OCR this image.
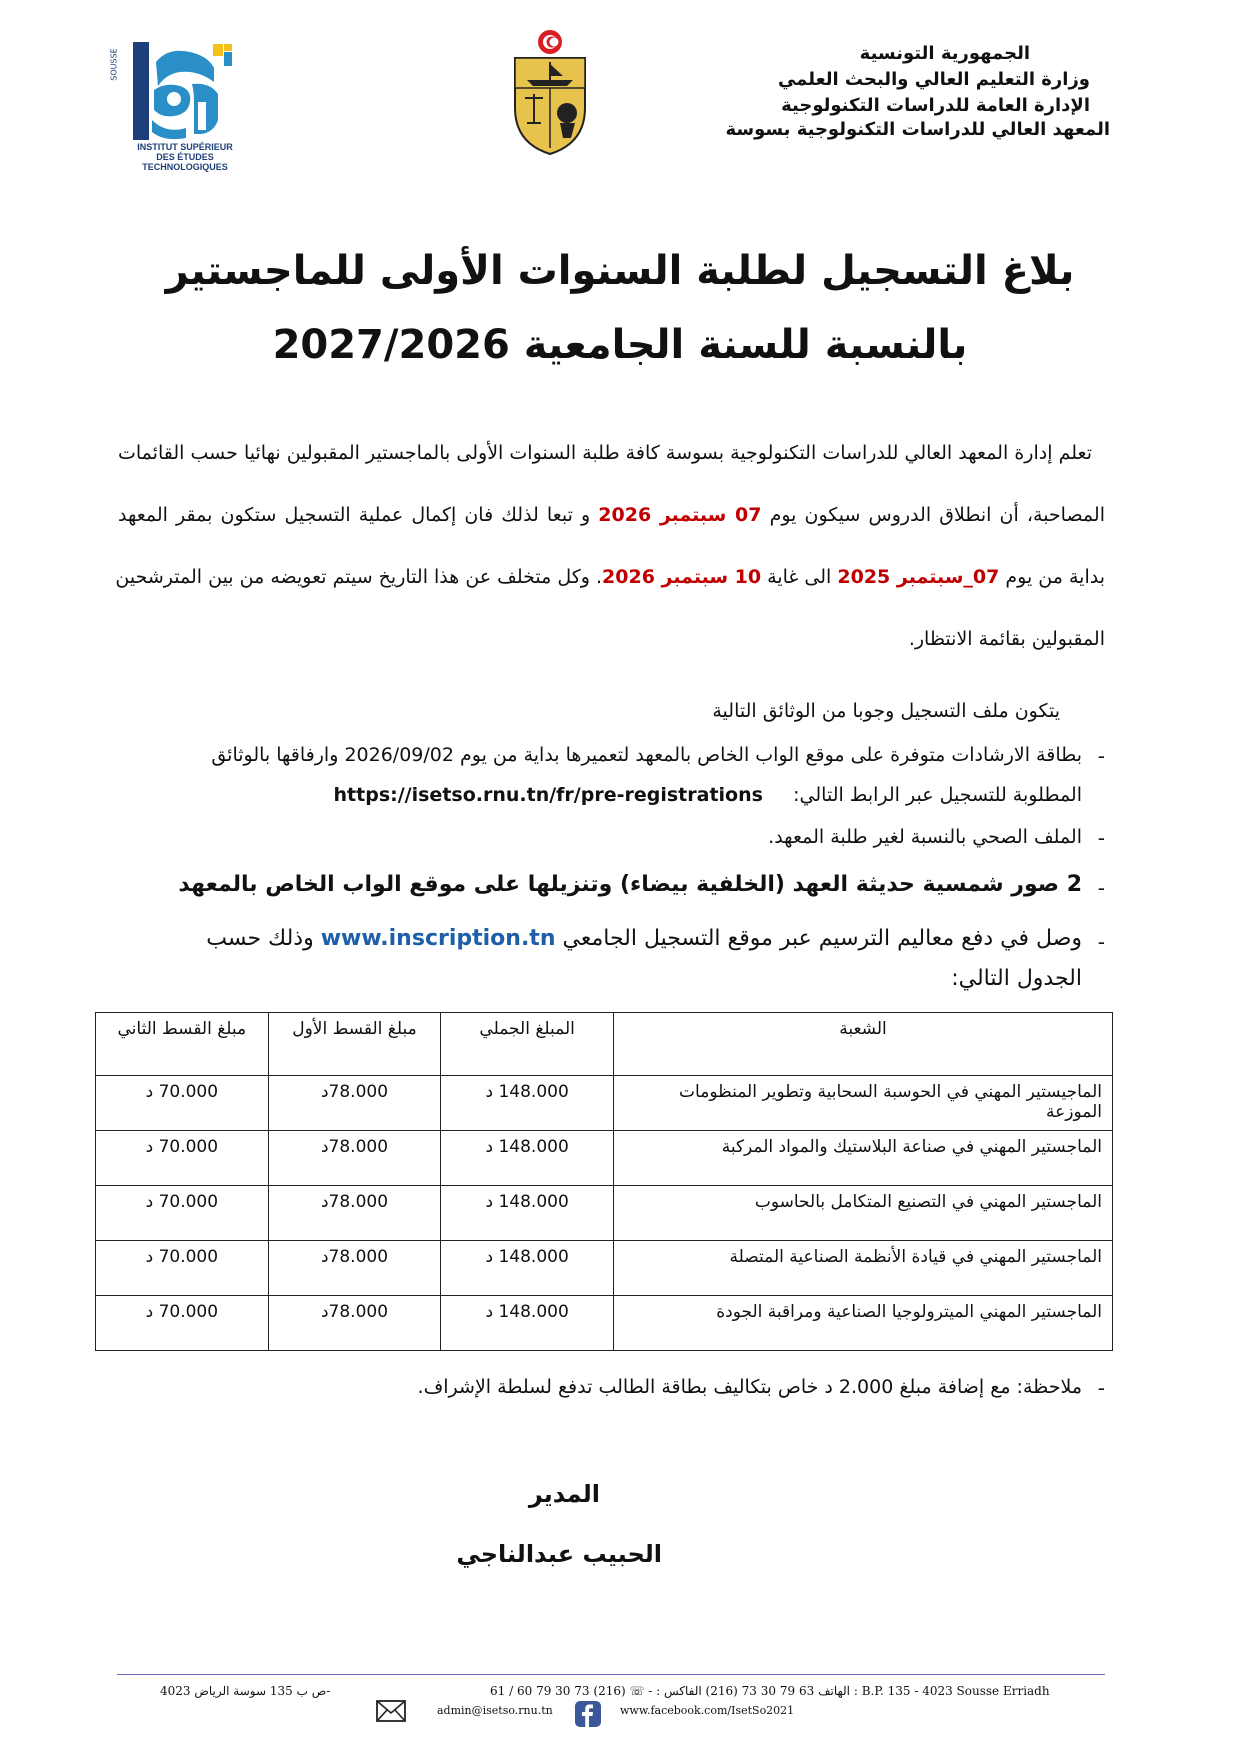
SOUSSE
RESEAU
INSTITUT SUPÉRIEUR
DES ÉTUDES
TECHNOLOGIQUES
الجمهورية التونسية
وزارة التعليم العالي والبحث العلمي
الإدارة العامة للدراسات التكنولوجية
المعهد العالي للدراسات التكنولوجية بسوسة
بلاغ التسجيل لطلبة السنوات الأولى للماجستير
بالنسبة للسنة الجامعية 2027/2026
تعلم إدارة المعهد العالي للدراسات التكنولوجية بسوسة كافة طلبة السنوات الأولى بالماجستير المقبولين نهائيا حسب القائمات
المصاحبة، أن انطلاق الدروس سيكون يوم 07 سبتمبر 2026 و تبعا لذلك فان إكمال عملية التسجيل ستكون بمقر المعهد
بداية من يوم 07_سبتمبر 2025 الى غاية 10 سبتمبر 2026. وكل متخلف عن هذا التاريخ سيتم تعويضه من بين المترشحين
المقبولين بقائمة الانتظار.
يتكون ملف التسجيل وجوبا من الوثائق التالية
-
بطاقة الارشادات متوفرة على موقع الواب الخاص بالمعهد لتعميرها بداية من يوم 2026/09/02 وارفاقها بالوثائق
المطلوبة للتسجيل عبر الرابط التالي:     https://isetso.rnu.tn/fr/pre-registrations
-
الملف الصحي بالنسبة لغير طلبة المعهد.
-
2 صور شمسية حديثة العهد (الخلفية بيضاء) وتنزيلها على موقع الواب الخاص بالمعهد
-
وصل في دفع معاليم الترسيم عبر موقع التسجيل الجامعي www.inscription.tn وذلك حسب
الجدول التالي:
مبلغ القسط الثاني	مبلغ القسط الأول	المبلغ الجملي	الشعبة
70.000 د	78.000د	148.000 د	الماجيستير المهني في الحوسبة السحابية وتطوير المنظومات الموزعة
70.000 د	78.000د	148.000 د	الماجستير المهني في صناعة البلاستيك والمواد المركبة
70.000 د	78.000د	148.000 د	الماجستير المهني في التصنيع المتكامل بالحاسوب
70.000 د	78.000د	148.000 د	الماجستير المهني في قيادة الأنظمة الصناعية المتصلة
70.000 د	78.000د	148.000 د	الماجستير المهني الميترولوجيا الصناعية ومراقبة الجودة
-
ملاحظة: مع إضافة مبلغ 2.000 د خاص بتكاليف بطاقة الطالب تدفع لسلطة الإشراف.
المدير
الحبيب عبدالناجي
-ص ب 135 سوسة الرياض 4023	الهاتف 63 79 30 73 (216) الفاكس : - ☏ (216) 73 30 79 60 / 61 : B.P. 135 - 4023 Sousse Erriadh
admin@isetso.rnu.tn	www.facebook.com/IsetSo2021
